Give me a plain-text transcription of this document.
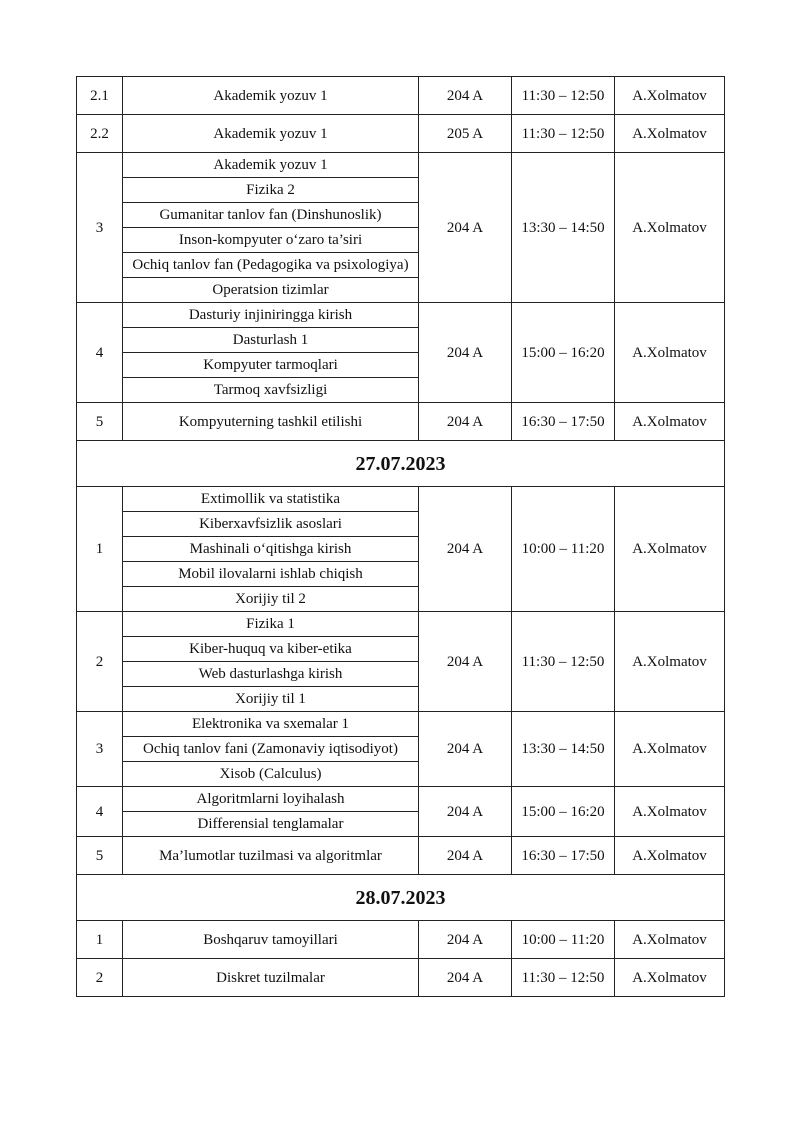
2.1	Akademik yozuv 1	204 A	11:30 – 12:50	A.Xolmatov
2.2	Akademik yozuv 1	205 A	11:30 – 12:50	A.Xolmatov
3	Akademik yozuv 1	204 A	13:30 – 14:50	A.Xolmatov
	Fizika 2			
	Gumanitar tanlov fan (Dinshunoslik)			
	Inson-kompyuter o‘zaro ta’siri			
	Ochiq tanlov fan (Pedagogika va psixologiya)			
	Operatsion tizimlar			
4	Dasturiy injiniringga kirish	204 A	15:00 – 16:20	A.Xolmatov
	Dasturlash 1			
	Kompyuter tarmoqlari			
	Tarmoq xavfsizligi			
5	Kompyuterning tashkil etilishi	204 A	16:30 – 17:50	A.Xolmatov
27.07.2023				
1	Extimollik va statistika	204 A	10:00 – 11:20	A.Xolmatov
	Kiberxavfsizlik asoslari			
	Mashinali o‘qitishga kirish			
	Mobil ilovalarni ishlab chiqish			
	Xorijiy til 2			
2	Fizika 1	204 A	11:30 – 12:50	A.Xolmatov
	Kiber-huquq va kiber-etika			
	Web dasturlashga kirish			
	Xorijiy til 1			
3	Elektronika va sxemalar 1	204 A	13:30 – 14:50	A.Xolmatov
	Ochiq tanlov fani (Zamonaviy iqtisodiyot)			
	Xisob (Calculus)			
4	Algoritmlarni loyihalash	204 A	15:00 – 16:20	A.Xolmatov
	Differensial tenglamalar			
5	Ma’lumotlar tuzilmasi va algoritmlar	204 A	16:30 – 17:50	A.Xolmatov
28.07.2023				
1	Boshqaruv tamoyillari	204 A	10:00 – 11:20	A.Xolmatov
2	Diskret tuzilmalar	204 A	11:30 – 12:50	A.Xolmatov
